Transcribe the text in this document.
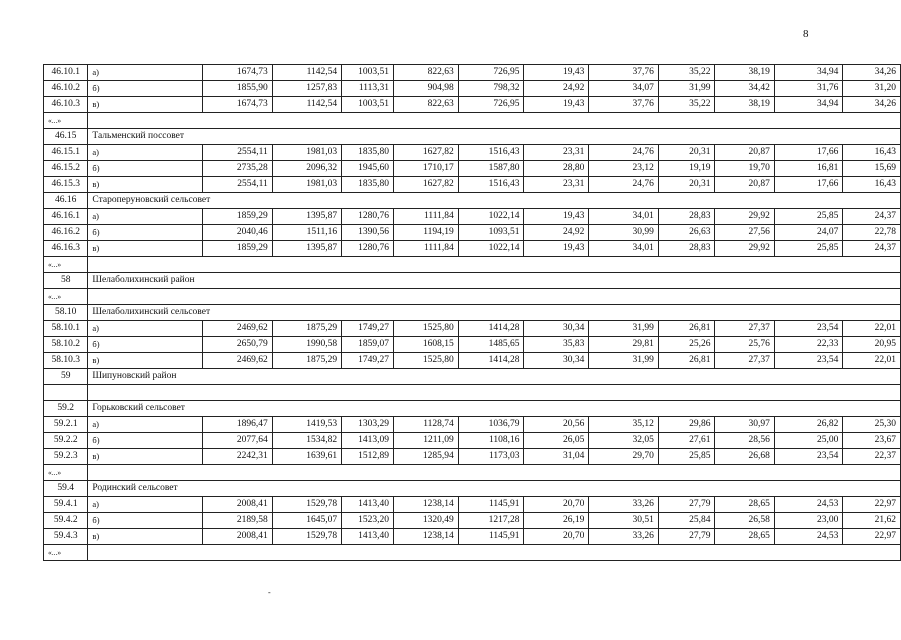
8
46.10.1	а)	1674,73	1142,54	1003,51	822,63	726,95	19,43	37,76	35,22	38,19	34,94	34,26
46.10.2	б)	1855,90	1257,83	1113,31	904,98	798,32	24,92	34,07	31,99	34,42	31,76	31,20
46.10.3	в)	1674,73	1142,54	1003,51	822,63	726,95	19,43	37,76	35,22	38,19	34,94	34,26
«...»												
46.15	Тальменский поссовет											
46.15.1	а)	2554,11	1981,03	1835,80	1627,82	1516,43	23,31	24,76	20,31	20,87	17,66	16,43
46.15.2	б)	2735,28	2096,32	1945,60	1710,17	1587,80	28,80	23,12	19,19	19,70	16,81	15,69
46.15.3	в)	2554,11	1981,03	1835,80	1627,82	1516,43	23,31	24,76	20,31	20,87	17,66	16,43
46.16	Староперуновский сельсовет											
46.16.1	а)	1859,29	1395,87	1280,76	1111,84	1022,14	19,43	34,01	28,83	29,92	25,85	24,37
46.16.2	б)	2040,46	1511,16	1390,56	1194,19	1093,51	24,92	30,99	26,63	27,56	24,07	22,78
46.16.3	в)	1859,29	1395,87	1280,76	1111,84	1022,14	19,43	34,01	28,83	29,92	25,85	24,37
«...»												
58	Шелаболихинский район											
«...»												
58.10	Шелаболихинский сельсовет											
58.10.1	а)	2469,62	1875,29	1749,27	1525,80	1414,28	30,34	31,99	26,81	27,37	23,54	22,01
58.10.2	б)	2650,79	1990,58	1859,07	1608,15	1485,65	35,83	29,81	25,26	25,76	22,33	20,95
58.10.3	в)	2469,62	1875,29	1749,27	1525,80	1414,28	30,34	31,99	26,81	27,37	23,54	22,01
59	Шипуновский район											

59.2	Горьковский сельсовет											
59.2.1	а)	1896,47	1419,53	1303,29	1128,74	1036,79	20,56	35,12	29,86	30,97	26,82	25,30
59.2.2	б)	2077,64	1534,82	1413,09	1211,09	1108,16	26,05	32,05	27,61	28,56	25,00	23,67
59.2.3	в)	2242,31	1639,61	1512,89	1285,94	1173,03	31,04	29,70	25,85	26,68	23,54	22,37
«...»												
59.4	Родинский сельсовет											
59.4.1	а)	2008,41	1529,78	1413,40	1238,14	1145,91	20,70	33,26	27,79	28,65	24,53	22,97
59.4.2	б)	2189,58	1645,07	1523,20	1320,49	1217,28	26,19	30,51	25,84	26,58	23,00	21,62
59.4.3	в)	2008,41	1529,78	1413,40	1238,14	1145,91	20,70	33,26	27,79	28,65	24,53	22,97
«...»												
-
